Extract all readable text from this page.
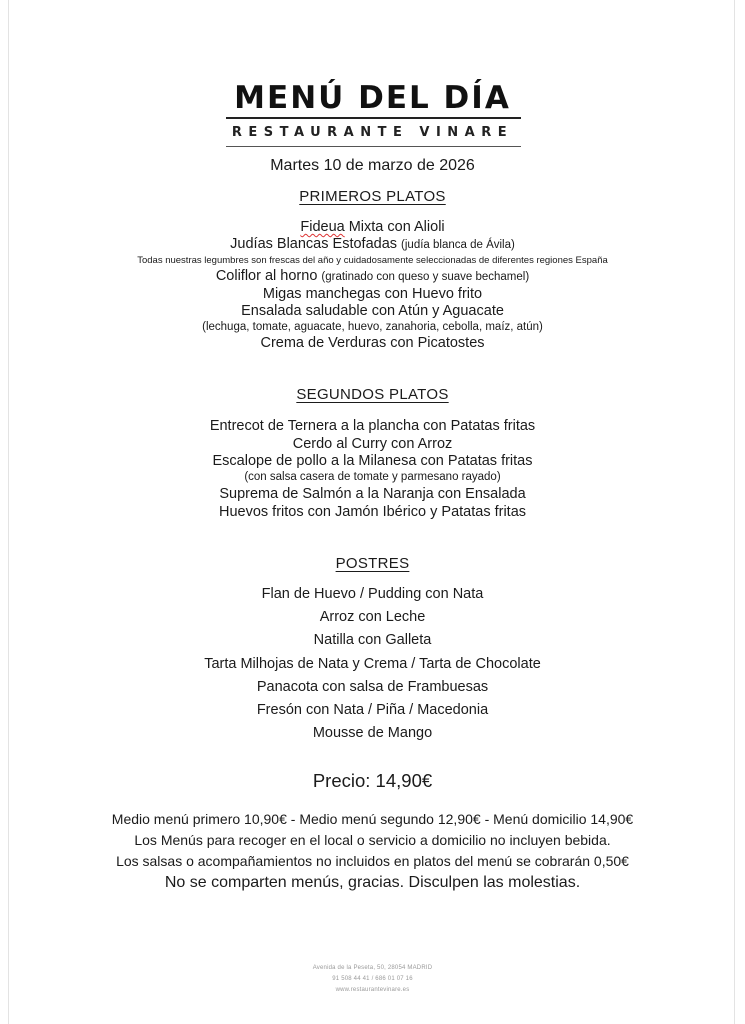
MENÚ DEL DÍA
RESTAURANTE VINARE
Martes 10 de marzo de 2026
PRIMEROS PLATOS
Fideua Mixta con Alioli
Judías Blancas Estofadas (judía blanca de Ávila)
Todas nuestras legumbres son frescas del año y cuidadosamente seleccionadas de diferentes regiones España
Coliflor al horno (gratinado con queso y suave bechamel)
Migas manchegas con Huevo frito
Ensalada saludable con Atún y Aguacate
(lechuga, tomate, aguacate, huevo, zanahoria, cebolla, maíz, atún)
Crema de Verduras con Picatostes
SEGUNDOS PLATOS
Entrecot de Ternera a la plancha con Patatas fritas
Cerdo al Curry con Arroz
Escalope de pollo a la Milanesa con Patatas fritas
(con salsa casera de tomate y parmesano rayado)
Suprema de Salmón a la Naranja con Ensalada
Huevos fritos con Jamón Ibérico y Patatas fritas
POSTRES
Flan de Huevo / Pudding con Nata
Arroz con Leche
Natilla con Galleta
Tarta Milhojas de Nata y Crema / Tarta de Chocolate
Panacota con salsa de Frambuesas
Fresón con Nata / Piña / Macedonia
Mousse de Mango
Precio: 14,90€
Medio menú primero 10,90€ - Medio menú segundo 12,90€ - Menú domicilio 14,90€
Los Menús para recoger en el local o servicio a domicilio no incluyen bebida.
Los salsas o acompañamientos no incluidos en platos del menú se cobrarán 0,50€
No se comparten menús, gracias. Disculpen las molestias.
Avenida de la Peseta, 50, 28054 MADRID
91 508 44 41 / 686 01 07 16
www.restaurantevinare.es
